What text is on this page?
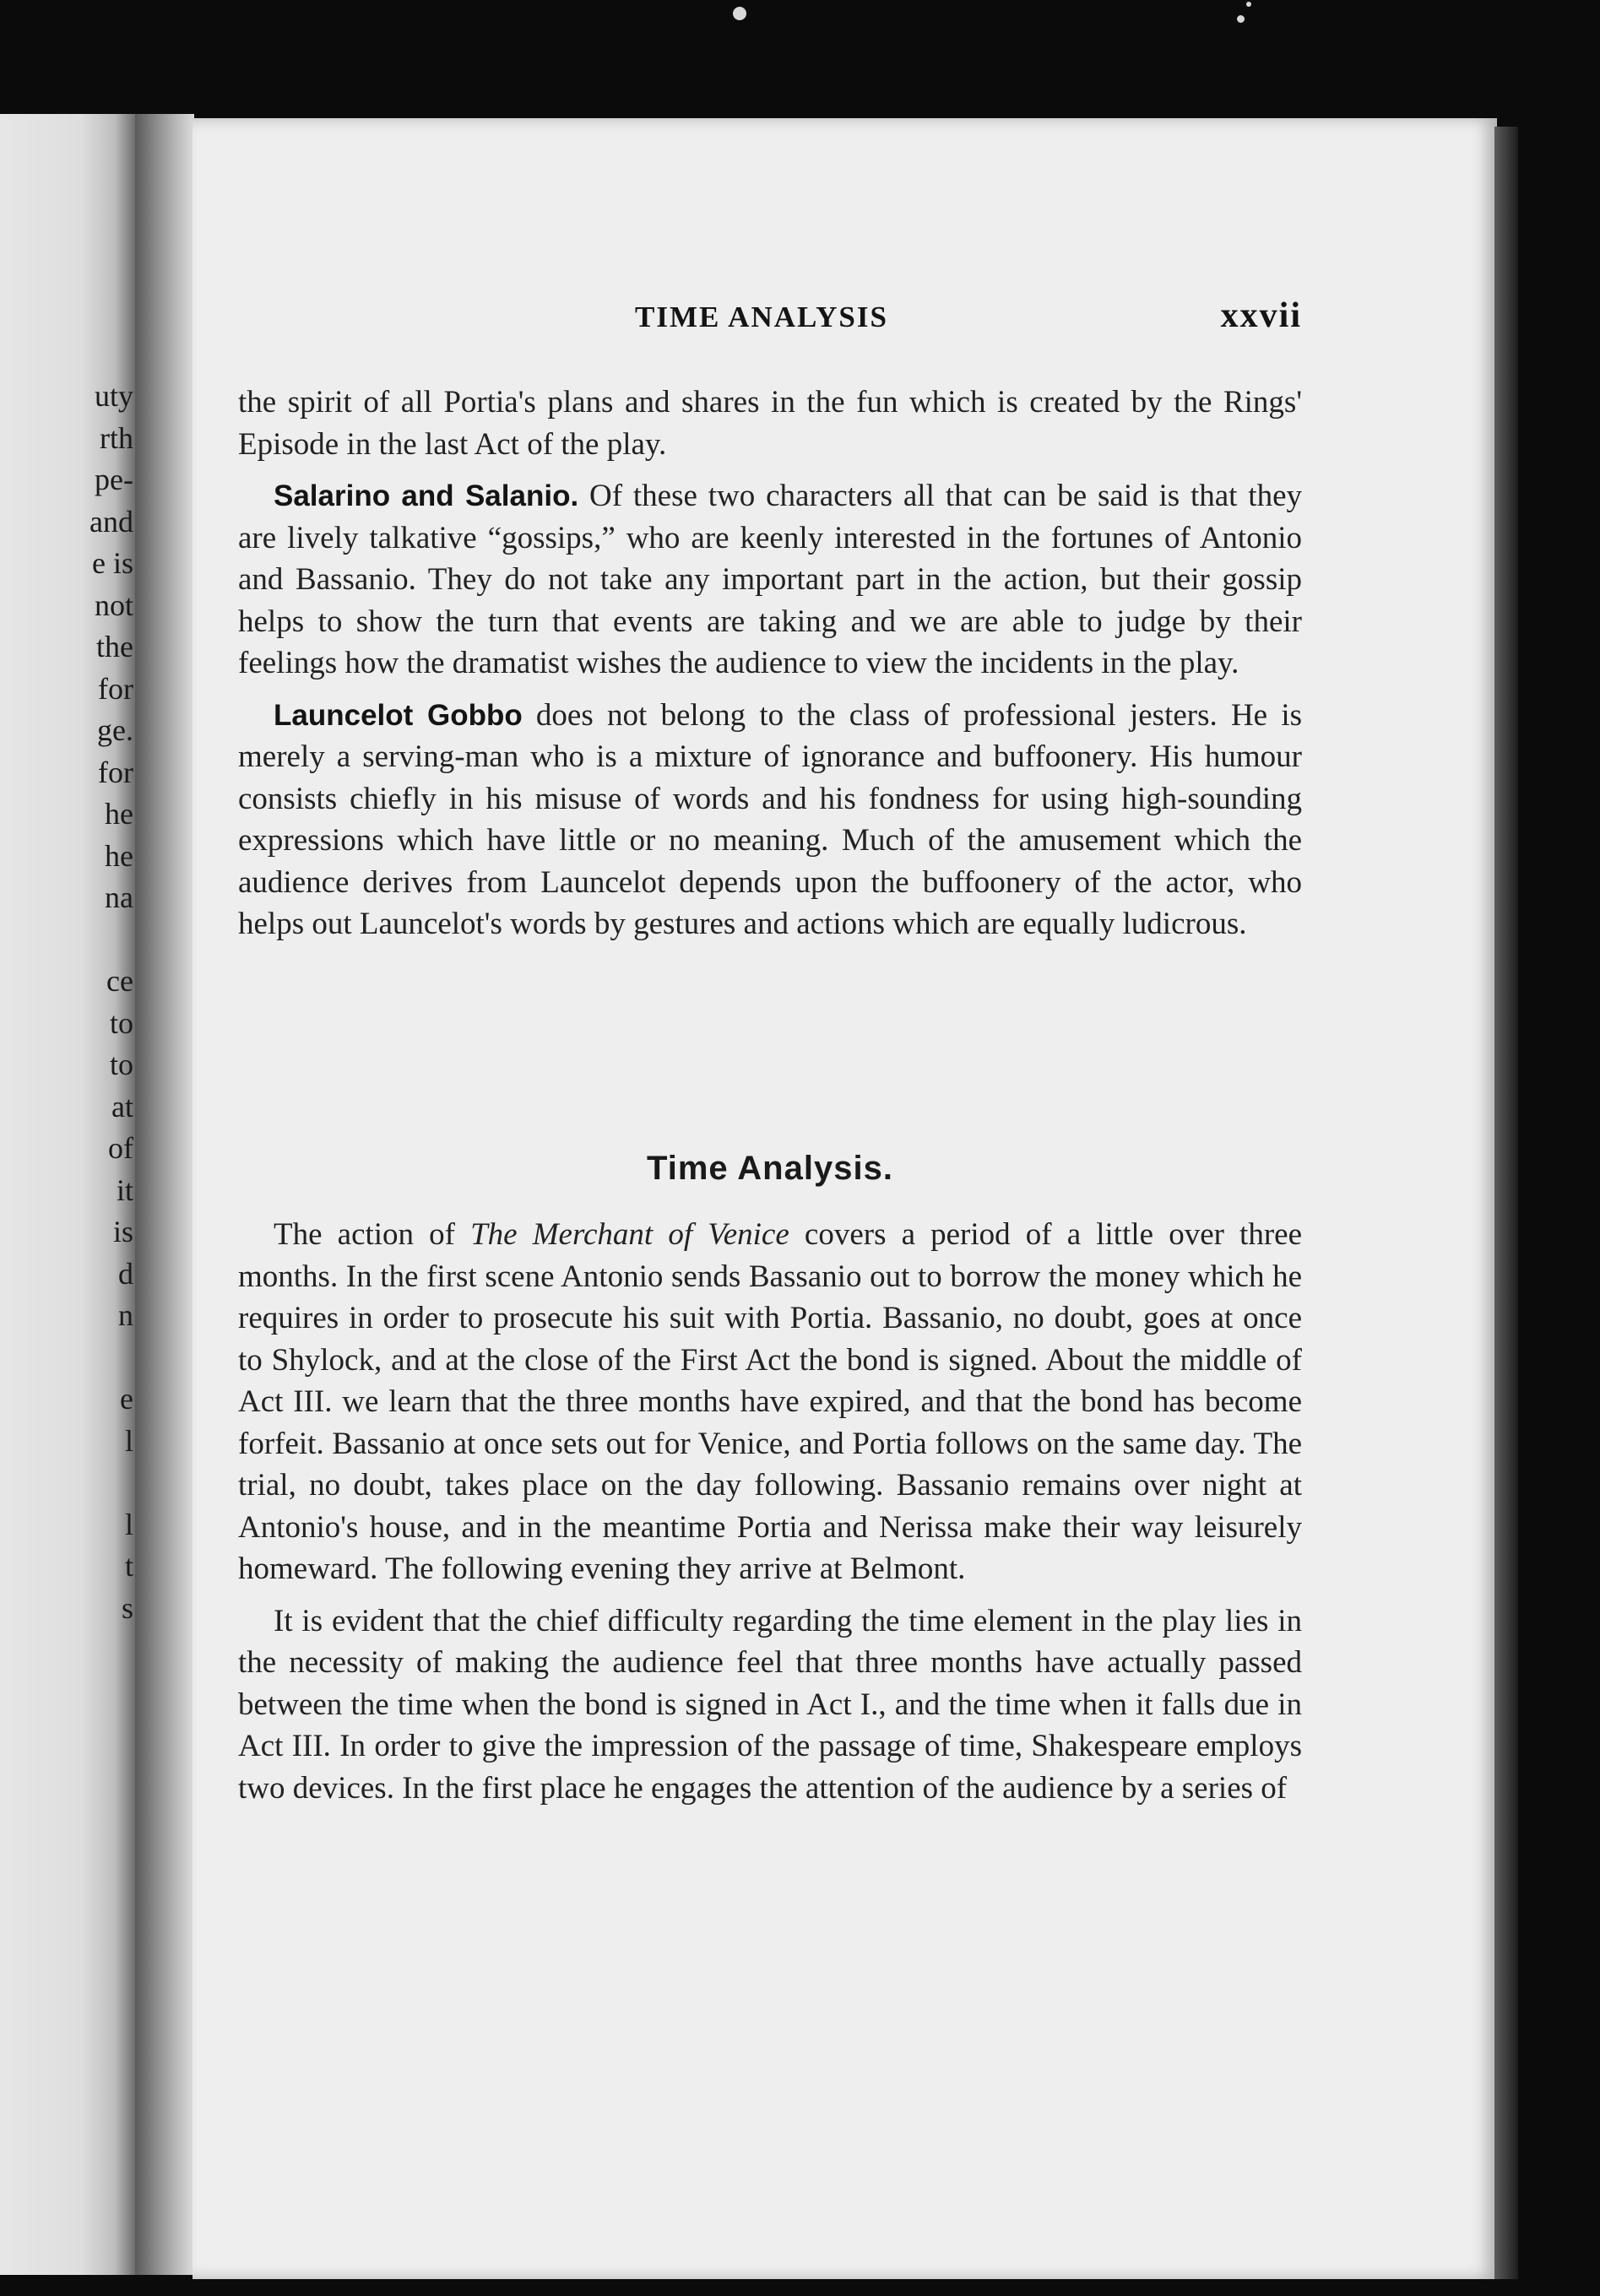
uty
rth
pe-
and
e is
not
the
for
ge.
for
he
he
na

ce
to
to
at
of
it
is
d
n

e
l

l
t
s

TIME ANALYSIS	xxvii

the spirit of all Portia's plans and shares in the fun which is created by the Rings' Episode in the last Act of the play.

Salarino and Salanio. Of these two characters all that can be said is that they are lively talkative “gossips,” who are keenly interested in the fortunes of Antonio and Bassanio. They do not take any important part in the action, but their gossip helps to show the turn that events are taking and we are able to judge by their feelings how the dramatist wishes the audience to view the incidents in the play.

Launcelot Gobbo does not belong to the class of professional jesters. He is merely a serving-man who is a mixture of ignorance and buffoonery. His humour consists chiefly in his misuse of words and his fondness for using high-sounding expressions which have little or no meaning. Much of the amusement which the audience derives from Launcelot depends upon the buffoonery of the actor, who helps out Launcelot's words by gestures and actions which are equally ludicrous.

Time Analysis.

The action of The Merchant of Venice covers a period of a little over three months. In the first scene Antonio sends Bassanio out to borrow the money which he requires in order to prosecute his suit with Portia. Bassanio, no doubt, goes at once to Shylock, and at the close of the First Act the bond is signed. About the middle of Act III. we learn that the three months have expired, and that the bond has become forfeit. Bassanio at once sets out for Venice, and Portia follows on the same day. The trial, no doubt, takes place on the day following. Bassanio remains over night at Antonio's house, and in the meantime Portia and Nerissa make their way leisurely homeward. The following evening they arrive at Belmont.

It is evident that the chief difficulty regarding the time element in the play lies in the necessity of making the audience feel that three months have actually passed between the time when the bond is signed in Act I., and the time when it falls due in Act III. In order to give the impression of the passage of time, Shakespeare employs two devices. In the first place he engages the attention of the audience by a series of
